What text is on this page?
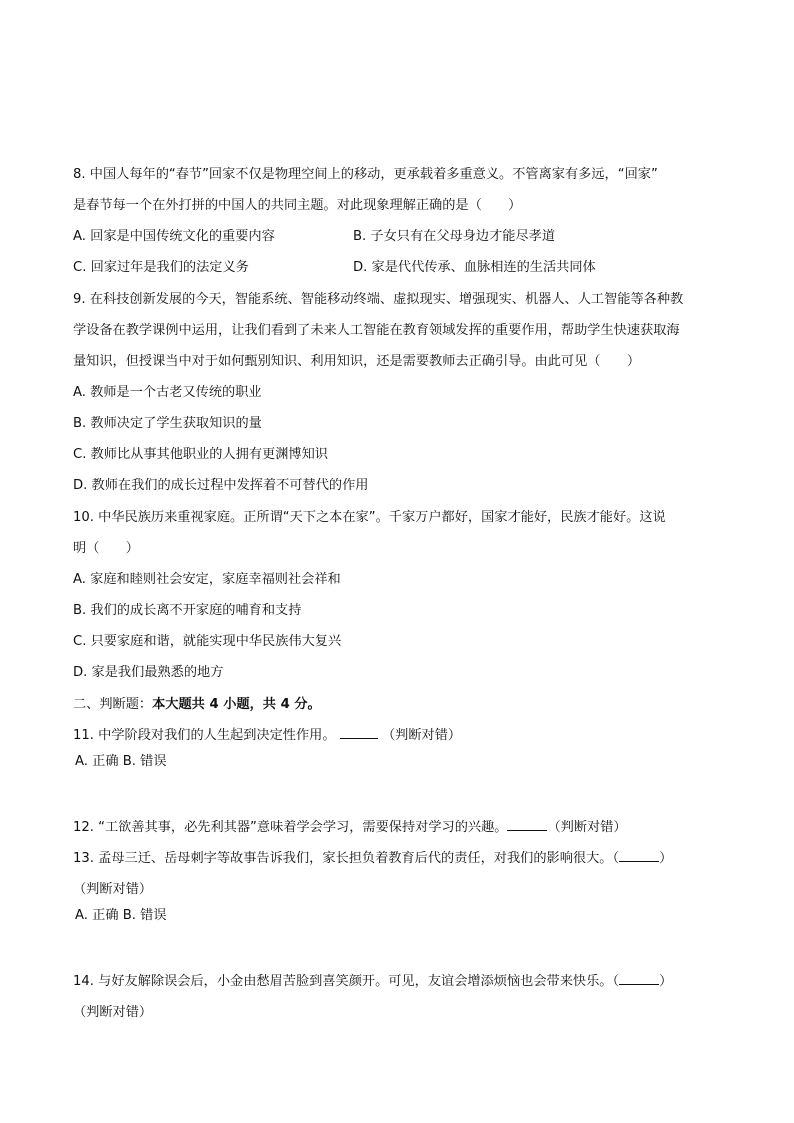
8. 中国人每年的“春节”回家不仅是物理空间上的移动，更承载着多重意义。不管离家有多远，“回家”
是春节每一个在外打拼的中国人的共同主题。对此现象理解正确的是（　　）
A. 回家是中国传统文化的重要内容	B. 子女只有在父母身边才能尽孝道
C. 回家过年是我们的法定义务	D. 家是代代传承、血脉相连的生活共同体
9. 在科技创新发展的今天，智能系统、智能移动终端、虚拟现实、增强现实、机器人、人工智能等各种教
学设备在教学课例中运用，让我们看到了未来人工智能在教育领域发挥的重要作用，帮助学生快速获取海
量知识，但授课当中对于如何甄别知识、利用知识，还是需要教师去正确引导。由此可见（　　）
A. 教师是一个古老又传统的职业
B. 教师决定了学生获取知识的量
C. 教师比从事其他职业的人拥有更渊博知识
D. 教师在我们的成长过程中发挥着不可替代的作用
10. 中华民族历来重视家庭。正所谓“天下之本在家”。千家万户都好，国家才能好，民族才能好。这说
明（　　）
A. 家庭和睦则社会安定，家庭幸福则社会祥和
B. 我们的成长离不开家庭的哺育和支持
C. 只要家庭和谐，就能实现中华民族伟大复兴
D. 家是我们最熟悉的地方
二、判断题：本大题共 4 小题，共 4 分。
11. 中学阶段对我们的人生起到决定性作用。	（判断对错）
A. 正确 B. 错误
12. “工欲善其事，必先利其器”意味着学会学习，需要保持对学习的兴趣。	（判断对错）
13. 孟母三迁、岳母刺字等故事告诉我们，家长担负着教育后代的责任，对我们的影响很大。（	）
（判断对错）
A. 正确 B. 错误
14. 与好友解除误会后，小金由愁眉苦脸到喜笑颜开。可见，友谊会增添烦恼也会带来快乐。（	）
（判断对错）
